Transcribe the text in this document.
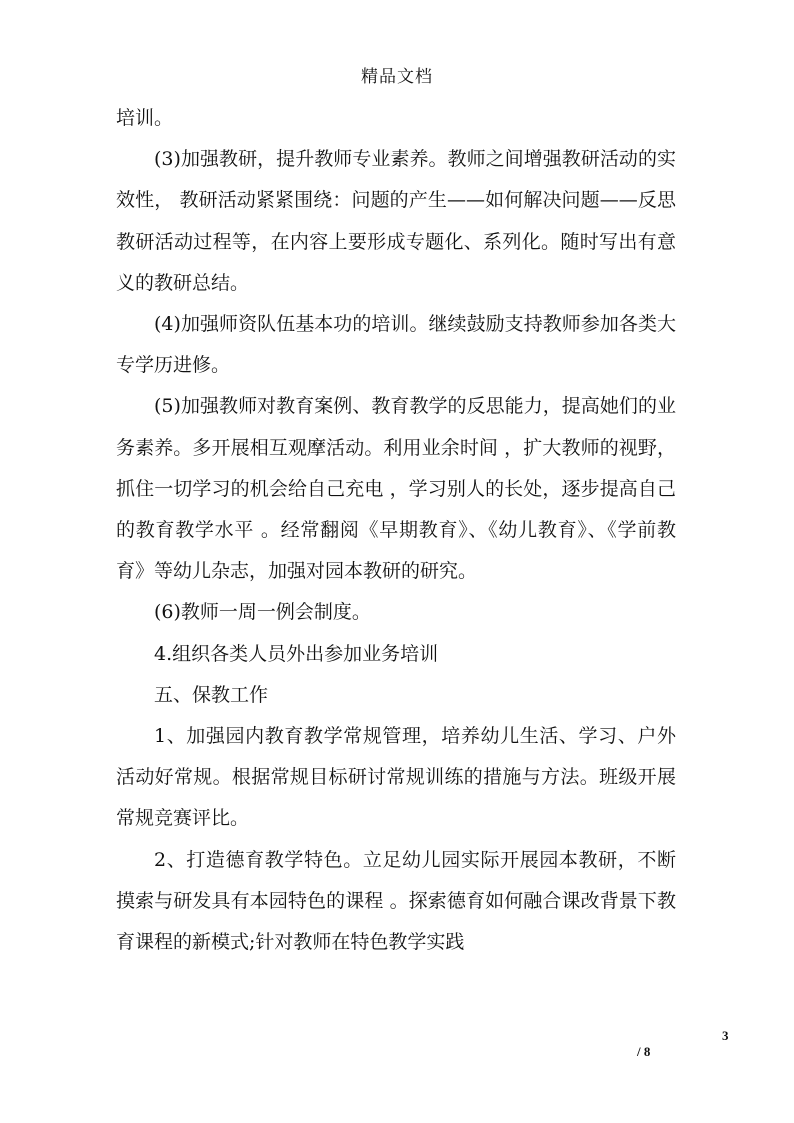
精品文档

培训。

(3)加强教研，提升教师专业素养。教师之间增强教研活动的实效性， 教研活动紧紧围绕：问题的产生——如何解决问题——反思教研活动过程等，在内容上要形成专题化、系列化。随时写出有意义的教研总结。

(4)加强师资队伍基本功的培训。继续鼓励支持教师参加各类大专学历进修。

(5)加强教师对教育案例、教育教学的反思能力，提高她们的业务素养。多开展相互观摩活动。利用业余时间 ，扩大教师的视野，抓住一切学习的机会给自己充电 ，学习别人的长处，逐步提高自己的教育教学水平 。经常翻阅《早期教育》、《幼儿教育》、《学前教育》等幼儿杂志，加强对园本教研的研究。

(6)教师一周一例会制度。

4.组织各类人员外出参加业务培训

五、保教工作

1、加强园内教育教学常规管理，培养幼儿生活、学习、户外活动好常规。根据常规目标研讨常规训练的措施与方法。班级开展常规竞赛评比。

2、打造德育教学特色。立足幼儿园实际开展园本教研，不断摸索与研发具有本园特色的课程 。探索德育如何融合课改背景下教育课程的新模式;针对教师在特色教学实践

3
/ 8
